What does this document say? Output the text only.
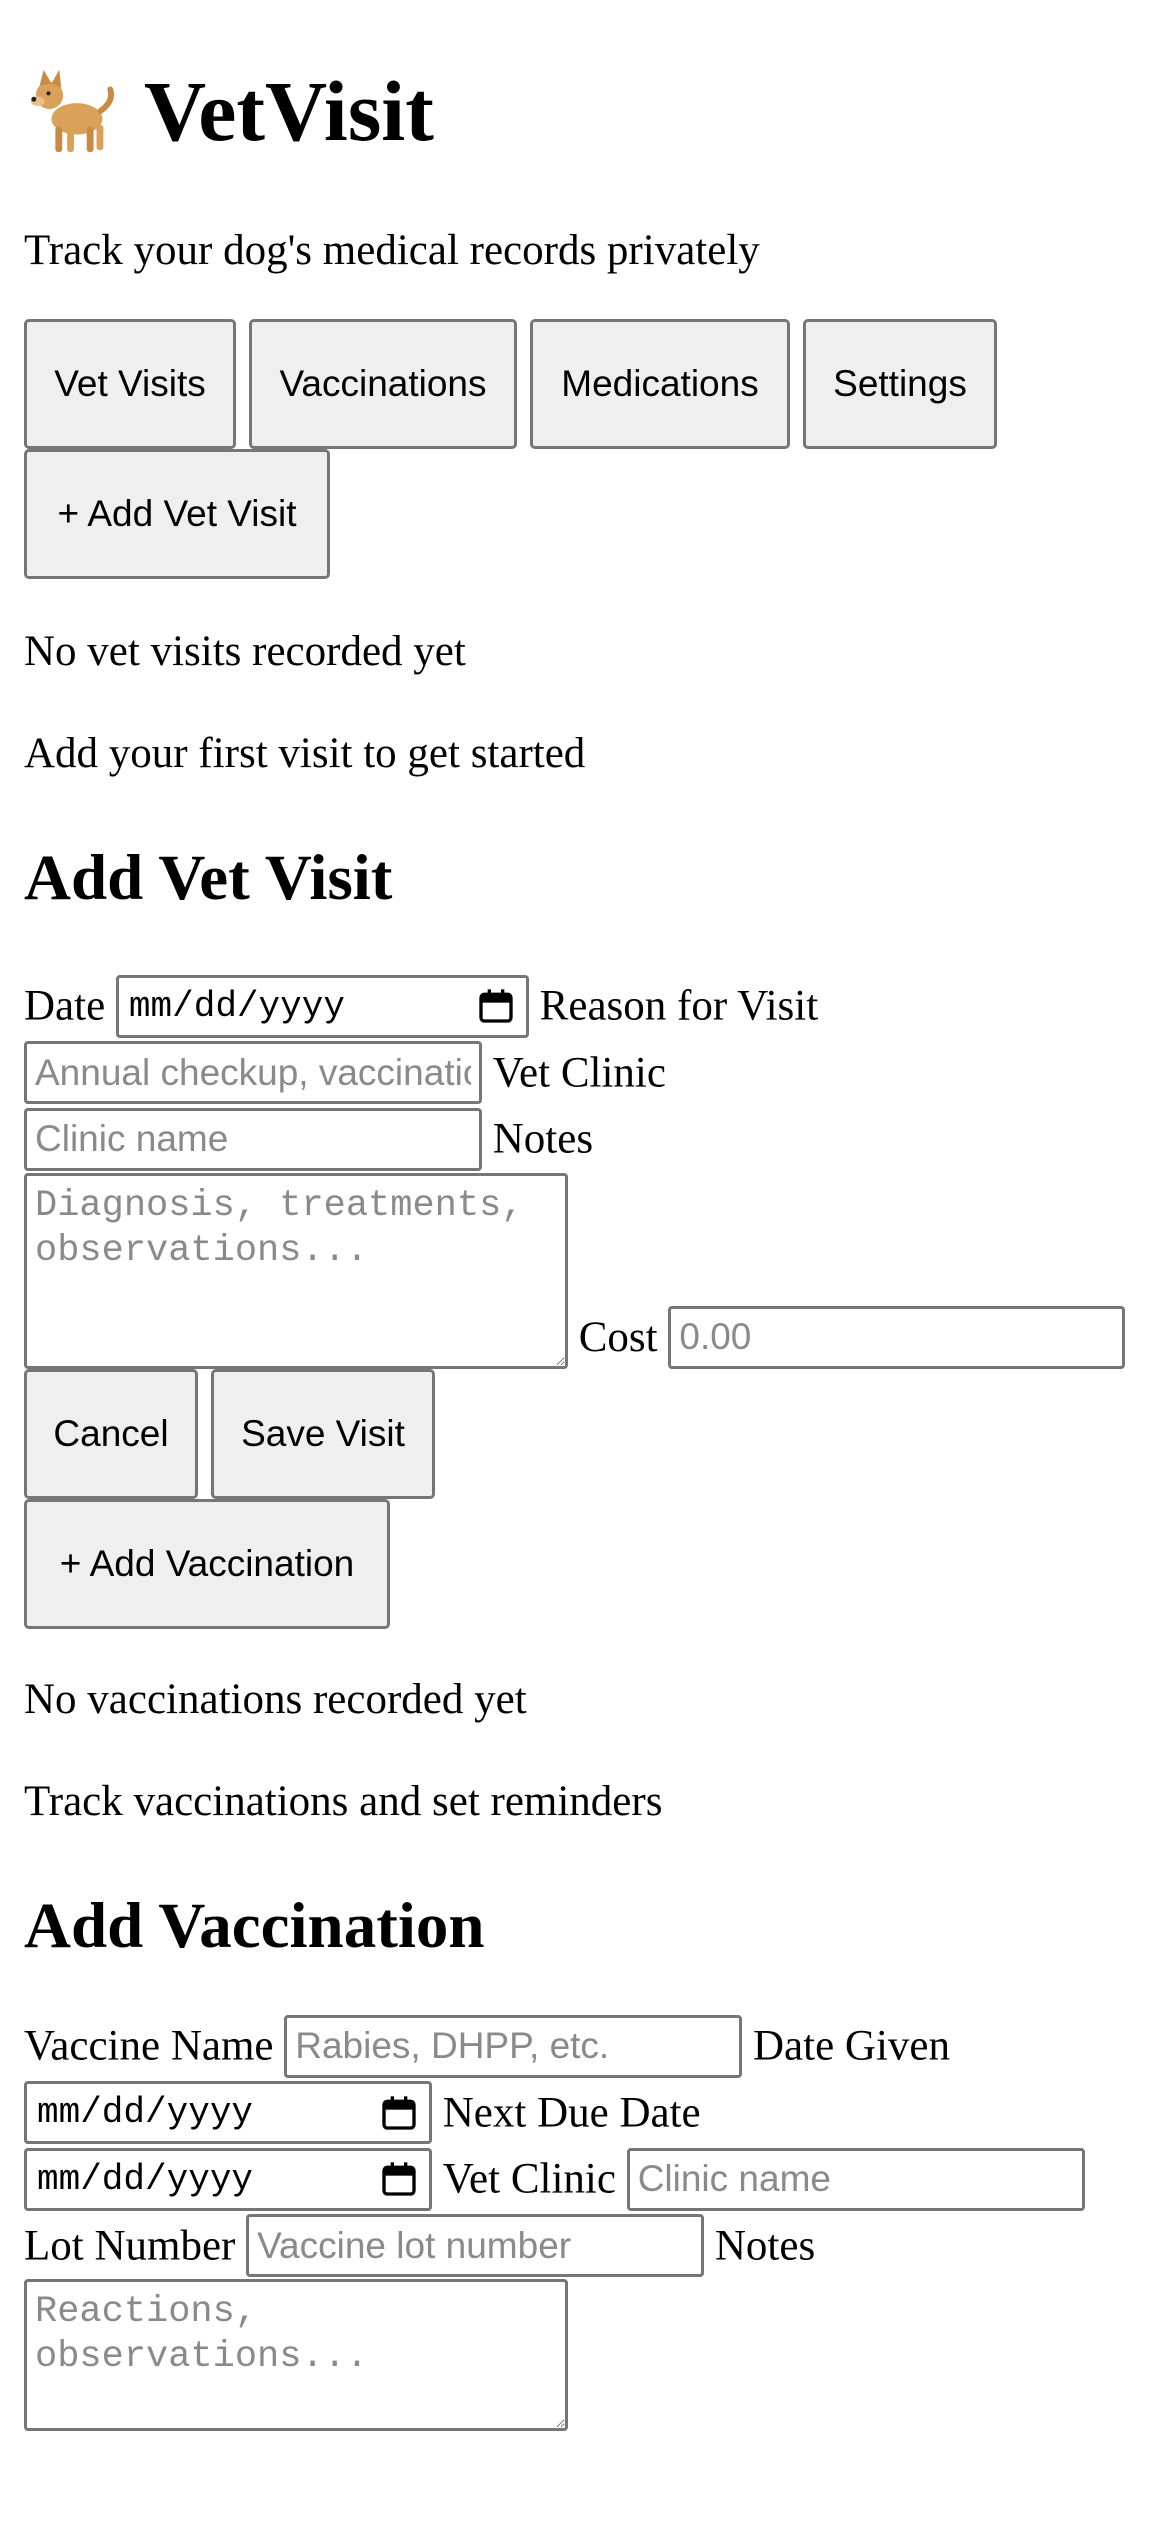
VetVisit

Track your dog's medical records privately

Vet Visits	Vaccinations	Medications	Settings
+ Add Vet Visit

No vet visits recorded yet

Add your first visit to get started

Add Vet Visit
Date mm/dd/yyyy	Reason for Visit
Annual checkup, vaccination... Vet Clinic
Clinic name Notes
Diagnosis, treatments, observations... Cost 0.00
Cancel	Save Visit
+ Add Vaccination

No vaccinations recorded yet

Track vaccinations and set reminders

Add Vaccination
Vaccine Name Rabies, DHPP, etc.	Date Given
mm/dd/yyyy	Next Due Date
mm/dd/yyyy	Vet Clinic Clinic name
Lot Number Vaccine lot number	Notes
Reactions, observations...
